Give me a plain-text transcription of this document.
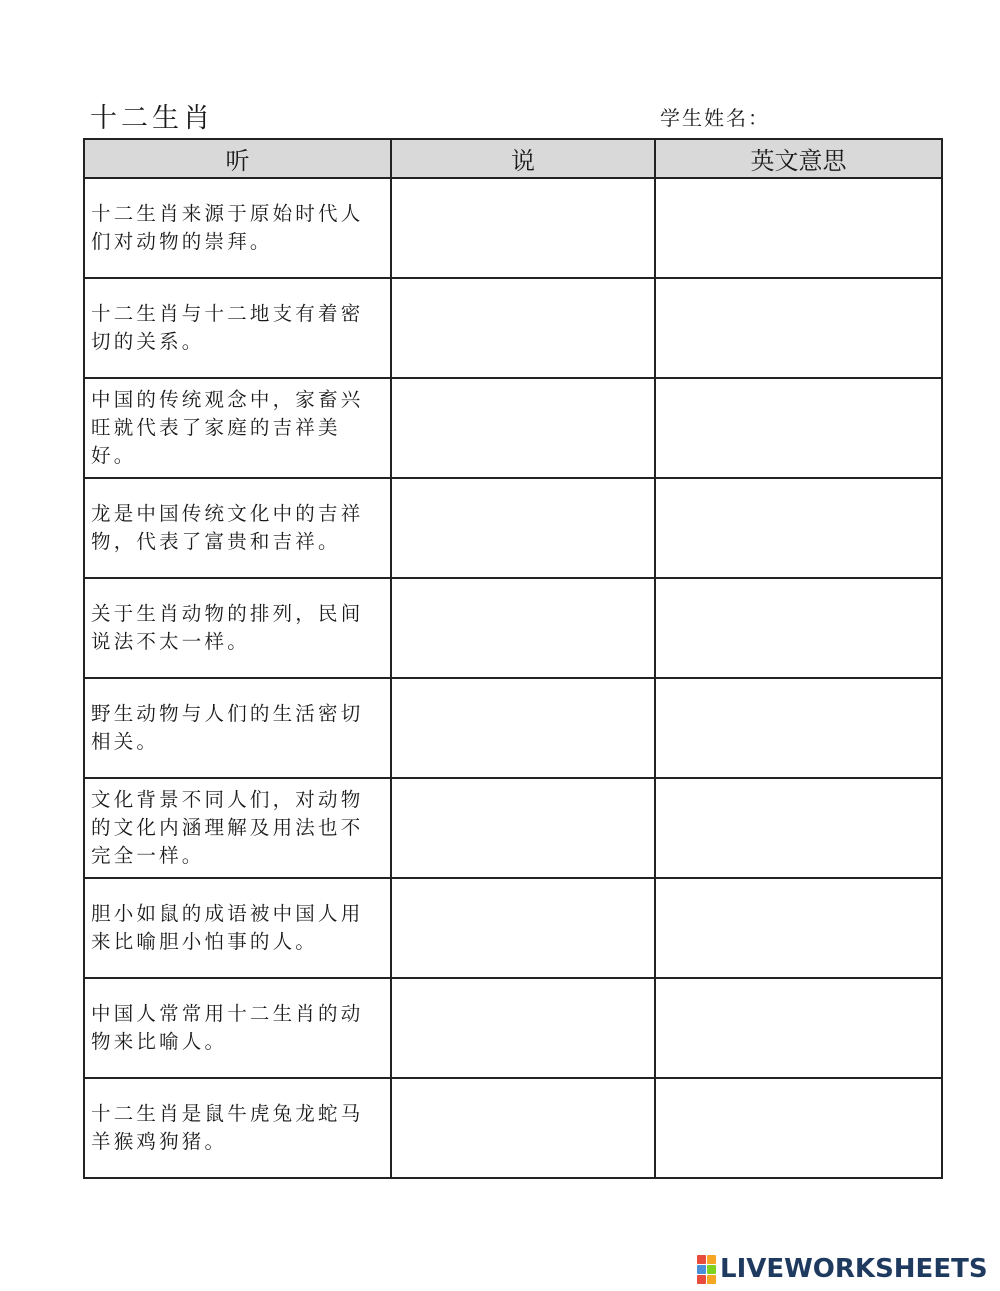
十二生肖	学生姓名：
听	说	英文意思

十二生肖来源于原始时代人们对动物的崇拜。		

十二生肖与十二地支有着密切的关系。		

中国的传统观念中，家畜兴旺就代表了家庭的吉祥美好。		

龙是中国传统文化中的吉祥物，代表了富贵和吉祥。		

关于生肖动物的排列，民间说法不太一样。		

野生动物与人们的生活密切相关。		

文化背景不同人们，对动物的文化内涵理解及用法也不完全一样。		

胆小如鼠的成语被中国人用来比喻胆小怕事的人。		

中国人常常用十二生肖的动物来比喻人。		

十二生肖是鼠牛虎兔龙蛇马羊猴鸡狗猪。		

LIVEWORKSHEETS
